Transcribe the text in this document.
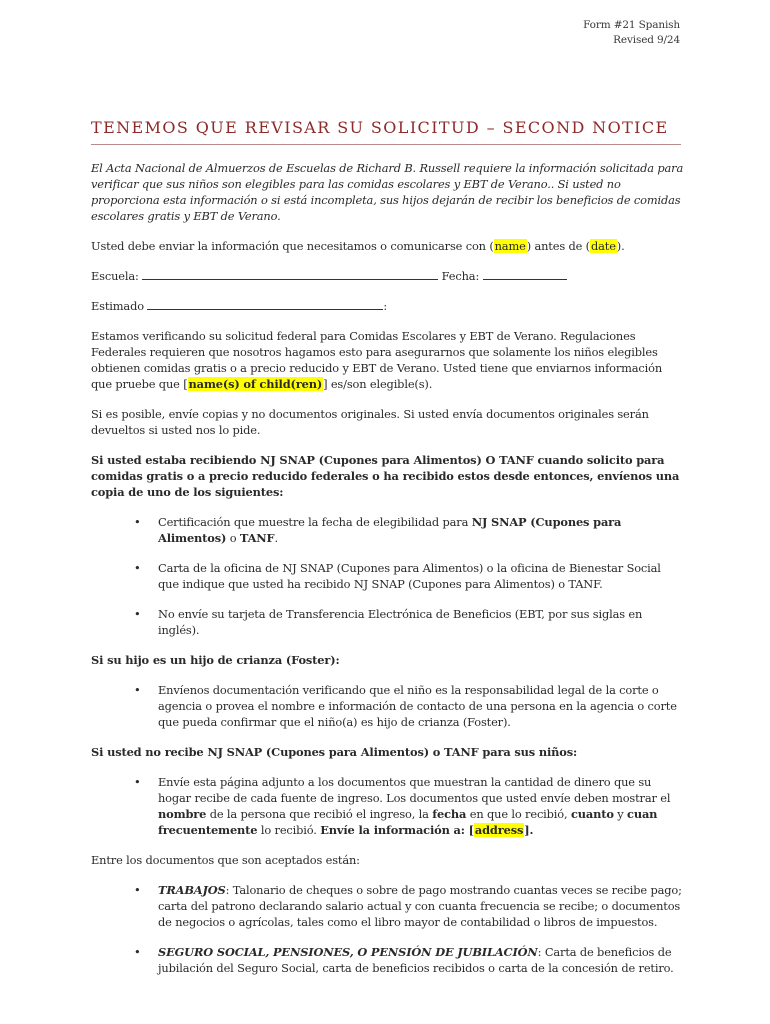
Form #21 Spanish
Revised 9/24
TENEMOS QUE REVISAR SU SOLICITUD – SECOND NOTICE

El Acta Nacional de Almuerzos de Escuelas de Richard B. Russell requiere la información solicitada para verificar que sus niños son elegibles para las comidas escolares y EBT de Verano.. Si usted no proporciona esta información o si está incompleta, sus hijos dejarán de recibir los beneficios de comidas escolares gratis y EBT de Verano.

Usted debe enviar la información que necesitamos o comunicarse con (name) antes de (date).

Escuela:	Fecha:

Estimado	:

Estamos verificando su solicitud federal para Comidas Escolares y EBT de Verano. Regulaciones Federales requieren que nosotros hagamos esto para asegurarnos que solamente los niños elegibles obtienen comidas gratis o a precio reducido y EBT de Verano. Usted tiene que enviarnos información que pruebe que [name(s) of child(ren)] es/son elegible(s).

Si es posible, envíe copias y no documentos originales. Si usted envía documentos originales serán devueltos si usted nos lo pide.

Si usted estaba recibiendo NJ SNAP (Cupones para Alimentos) O TANF cuando solicito para comidas gratis o a precio reducido federales o ha recibido estos desde entonces, envíenos una copia de uno de los siguientes:

• Certificación que muestre la fecha de elegibilidad para NJ SNAP (Cupones para Alimentos) o TANF.
• Carta de la oficina de NJ SNAP (Cupones para Alimentos) o la oficina de Bienestar Social que indique que usted ha recibido NJ SNAP (Cupones para Alimentos) o TANF.
• No envíe su tarjeta de Transferencia Electrónica de Beneficios (EBT, por sus siglas en inglés).

Si su hijo es un hijo de crianza (Foster):

• Envíenos documentación verificando que el niño es la responsabilidad legal de la corte o agencia o provea el nombre e información de contacto de una persona en la agencia o corte que pueda confirmar que el niño(a) es hijo de crianza (Foster).

Si usted no recibe NJ SNAP (Cupones para Alimentos) o TANF para sus niños:

• Envíe esta página adjunto a los documentos que muestran la cantidad de dinero que su hogar recibe de cada fuente de ingreso. Los documentos que usted envíe deben mostrar el nombre de la persona que recibió el ingreso, la fecha en que lo recibió, cuanto y cuan frecuentemente lo recibió. Envíe la información a: [address].

Entre los documentos que son aceptados están:

• TRABAJOS: Talonario de cheques o sobre de pago mostrando cuantas veces se recibe pago; carta del patrono declarando salario actual y con cuanta frecuencia se recibe; o documentos de negocios o agrícolas, tales como el libro mayor de contabilidad o libros de impuestos.
• SEGURO SOCIAL, PENSIONES, O PENSIÓN DE JUBILACIÓN: Carta de beneficios de jubilación del Seguro Social, carta de beneficios recibidos o carta de la concesión de retiro.
